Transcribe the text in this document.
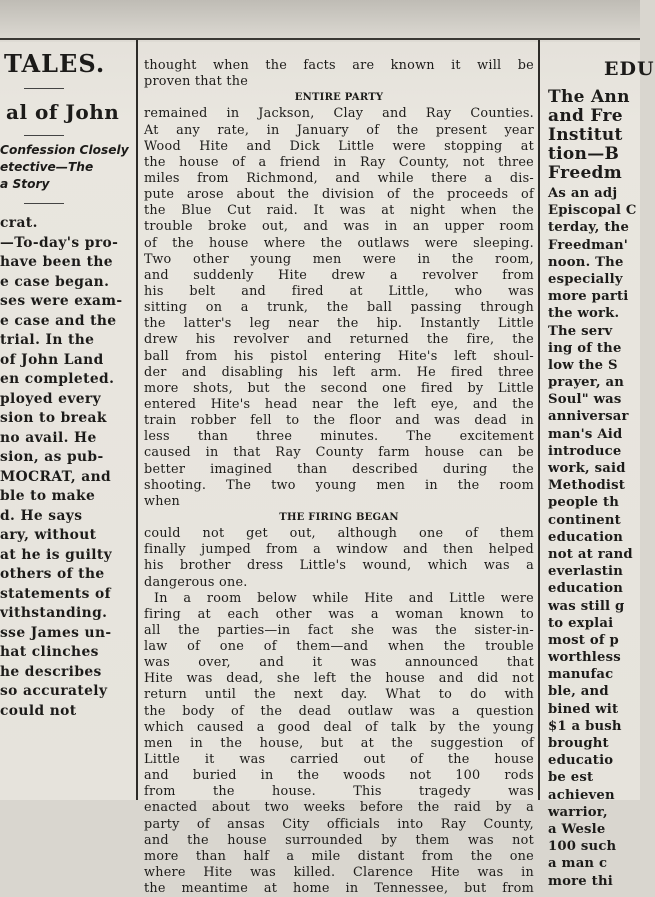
TALES.
al of John
Confession Closely
etective—The
a Story
crat.
—To-day's pro-
have been the
e case began.
ses were exam-
e case and the
trial. In the
of John Land
en completed.
ployed every
sion to break
no avail. He
sion, as pub-
MOCRAT, and
ble to make
d. He says
ary, without
at he is guilty
others of the
statements of
vithstanding.
sse James un-
hat clinches
he describes
so accurately
could not
thought when the facts are known it will be
proven that the
ENTIRE PARTY
remained in Jackson, Clay and Ray Counties.
At any rate, in January of the present year
Wood Hite and Dick Little were stopping at
the house of a friend in Ray County, not three
miles from Richmond, and while there a dis-
pute arose about the division of the proceeds of
the Blue Cut raid. It was at night when the
trouble broke out, and was in an upper room
of the house where the outlaws were sleeping.
Two other young men were in the room,
and suddenly Hite drew a revolver from
his belt and fired at Little, who was
sitting on a trunk, the ball passing through
the latter's leg near the hip. Instantly Little
drew his revolver and returned the fire, the
ball from his pistol entering Hite's left shoul-
der and disabling his left arm. He fired three
more shots, but the second one fired by Little
entered Hite's head near the left eye, and the
train robber fell to the floor and was dead in
less than three minutes. The excitement
caused in that Ray County farm house can be
better imagined than described during the
shooting. The two young men in the room
when
THE FIRING BEGAN
could not get out, although one of them
finally jumped from a window and then helped
his brother dress Little's wound, which was a
dangerous one.
In a room below while Hite and Little were
firing at each other was a woman known to
all the parties—in fact she was the sister-in-
law of one of them—and when the trouble
was over, and it was announced that
Hite was dead, she left the house and did not
return until the next day. What to do with
the body of the dead outlaw was a question
which caused a good deal of talk by the young
men in the house, but at the suggestion of
Little it was carried out of the house
and buried in the woods not 100 rods
from the house. This tragedy was
enacted about two weeks before the raid by a
party of ansas City officials into Ray County,
and the house surrounded by them was not
more than half a mile distant from the one
where Hite was killed. Clarence Hite was in
the meantime at home in Tennessee, but from
EDU
The Ann
and Fre
Institut
tion—B
Freedm
As an adj
Episcopal C
terday, the
Freedman'
noon. The
especially
more parti
the work.
The serv
ing of the
low the S
prayer, an
Soul" was
anniversar
man's Aid
introduce
work, said
Methodist
people th
continent
education
not at rand
everlastin
education
was still g
to explai
most of p
worthless
manufac
ble, and
bined wit
$1 a bush
brought
educatio
be est
achieven
warrior,
a Wesle
100 such
a man c
more thi
